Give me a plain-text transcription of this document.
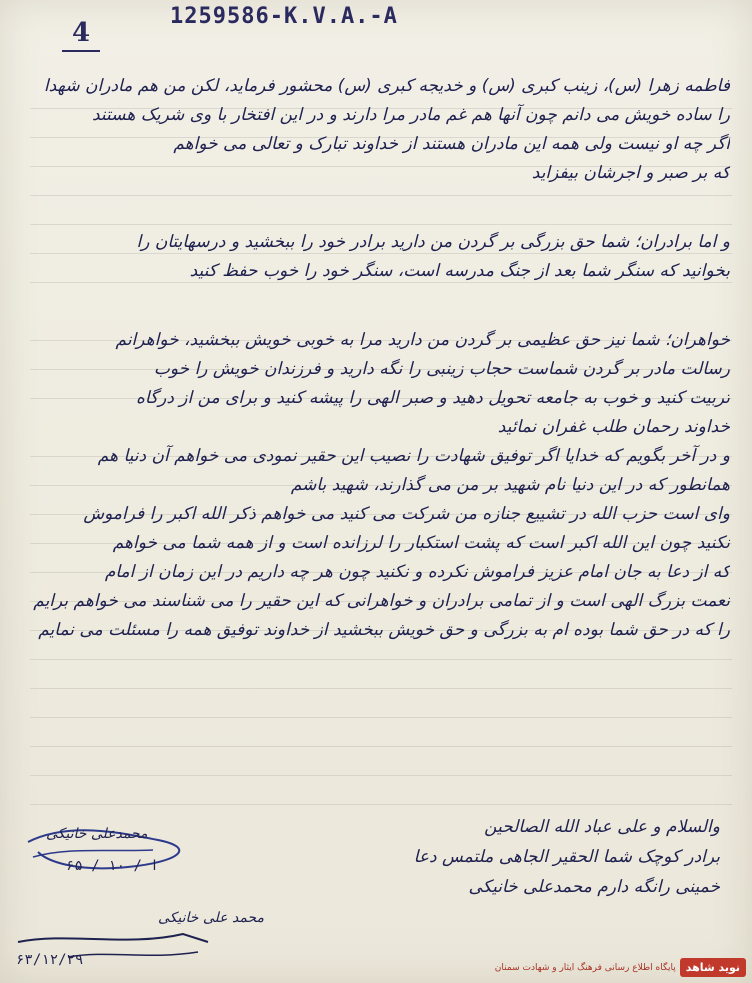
1259586-K.V.A.-A
4
فاطمه زهرا (س)، زینب کبری (س) و خدیجه کبری (س) محشور فرماید، لکن من هم مادران شهدا
را ساده خویش می دانم چون آنها هم غم مادر مرا دارند و در این افتخار با وی شریک هستند
اگر چه او نیست ولی همه این مادران هستند از خداوند تبارک و تعالی می خواهم
که بر صبر و اجرشان بیفزاید
و اما برادران؛ شما حق بزرگی بر گردن من دارید برادر خود را ببخشید و درسهایتان را
بخوانید که سنگر شما بعد از جنگ مدرسه است، سنگر خود را خوب حفظ کنید
خواهران؛ شما نیز حق عظیمی بر گردن من دارید مرا به خوبی خویش ببخشید، خواهرانم
رسالت مادر بر گردن شماست حجاب زینبی را نگه دارید و فرزندان خویش را خوب
تربیت کنید و خوب به جامعه تحویل دهید و صبر الهی را پیشه کنید و برای من از درگاه
خداوند رحمان طلب غفران نمائید
و در آخر بگویم که خدایا اگر توفیق شهادت را نصیب این حقیر نمودی می خواهم آن دنیا هم
همانطور که در این دنیا نام شهید بر من می گذارند، شهید باشم
وای است حزب الله در تشییع جنازه من شرکت می کنید می خواهم ذکر الله اکبر را فراموش
نکنید چون این الله اکبر است که پشت استکبار را لرزانده است و از همه شما می خواهم
که از دعا به جان امام عزیز فراموش نکرده و نکنید چون هر چه داریم در این زمان از امام
نعمت بزرگ الهی است و از تمامی برادران و خواهرانی که این حقیر را می شناسند می خواهم برایم
را که در حق شما بوده ام به بزرگی و حق خویش ببخشید از خداوند توفیق همه را مسئلت می نمایم
والسلام و علی عباد الله الصالحین
برادر کوچک شما الحقیر الجاهی ملتمس دعا
خمینی رانگه دارم محمدعلی خانیکی
محمدعلی خانیکی
ا / ۱۰ / ۶۵
محمد علی خانیکی
۶۳/۱۲/۲۹	نوید شاهد
پایگاه اطلاع رسانی فرهنگ ایثار و شهادت سمنان
